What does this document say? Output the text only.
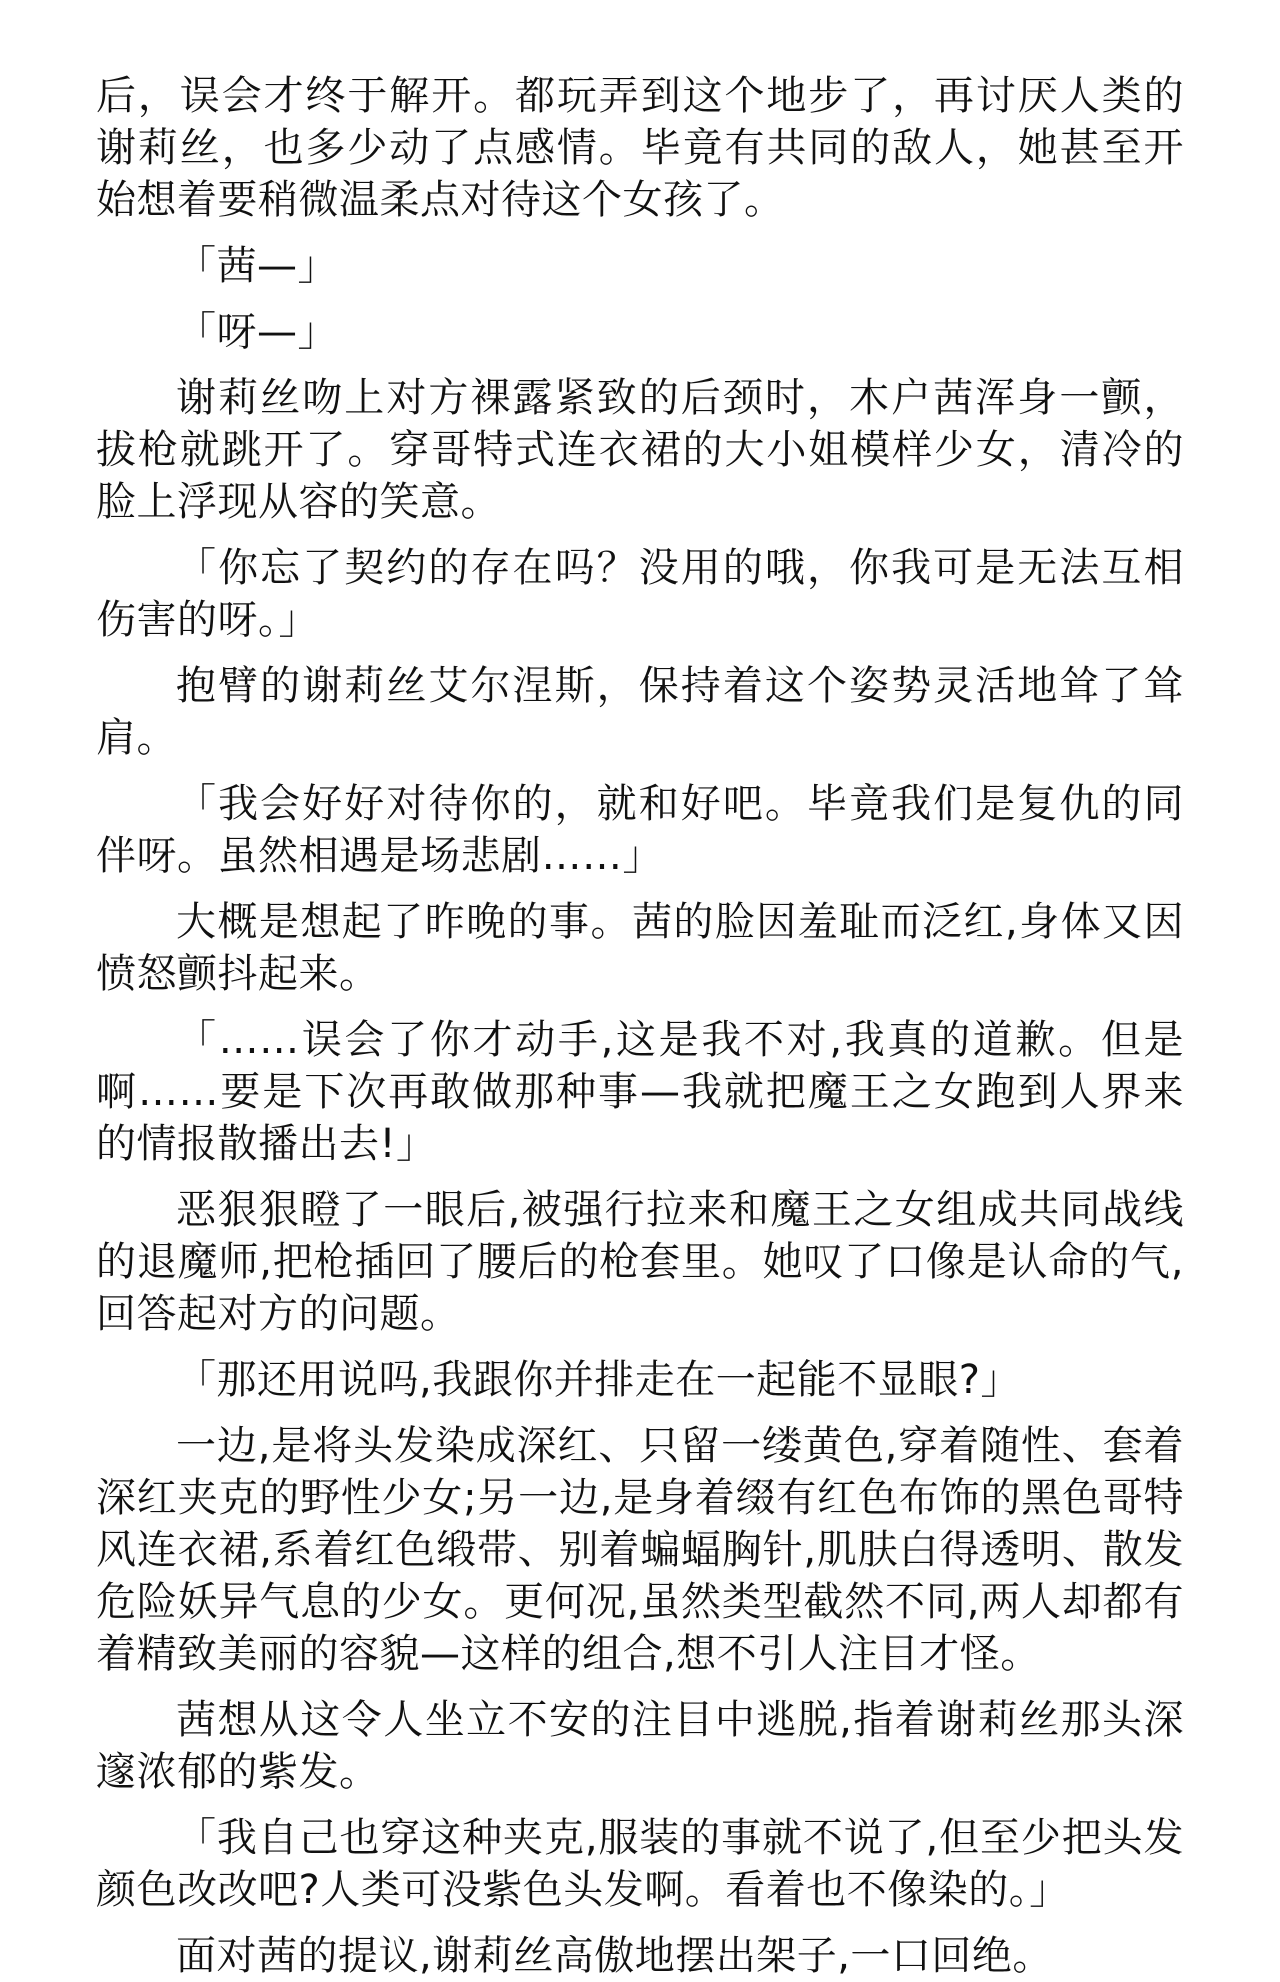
后，误会才终于解开。都玩弄到这个地步了，再讨厌人类的谢莉丝，也多少动了点感情。毕竟有共同的敌人，她甚至开始想着要稍微温柔点对待这个女孩了。

「茜—」

「呀—」

谢莉丝吻上对方裸露紧致的后颈时，木户茜浑身一颤，拔枪就跳开了。穿哥特式连衣裙的大小姐模样少女，清冷的脸上浮现从容的笑意。

「你忘了契约的存在吗？没用的哦，你我可是无法互相伤害的呀。」

抱臂的谢莉丝艾尔涅斯，保持着这个姿势灵活地耸了耸肩。

「我会好好对待你的，就和好吧。毕竟我们是复仇的同伴呀。虽然相遇是场悲剧……」

大概是想起了昨晚的事。茜的脸因羞耻而泛红,身体又因愤怒颤抖起来。

「……误会了你才动手,这是我不对,我真的道歉。但是啊……要是下次再敢做那种事—我就把魔王之女跑到人界来的情报散播出去!」

恶狠狠瞪了一眼后,被强行拉来和魔王之女组成共同战线的退魔师,把枪插回了腰后的枪套里。她叹了口像是认命的气,回答起对方的问题。

「那还用说吗,我跟你并排走在一起能不显眼?」

一边,是将头发染成深红、只留一缕黄色,穿着随性、套着深红夹克的野性少女;另一边,是身着缀有红色布饰的黑色哥特风连衣裙,系着红色缎带、别着蝙蝠胸针,肌肤白得透明、散发危险妖异气息的少女。更何况,虽然类型截然不同,两人却都有着精致美丽的容貌—这样的组合,想不引人注目才怪。

茜想从这令人坐立不安的注目中逃脱,指着谢莉丝那头深邃浓郁的紫发。

「我自己也穿这种夹克,服装的事就不说了,但至少把头发颜色改改吧?人类可没紫色头发啊。看着也不像染的。」

面对茜的提议,谢莉丝高傲地摆出架子,一口回绝。
